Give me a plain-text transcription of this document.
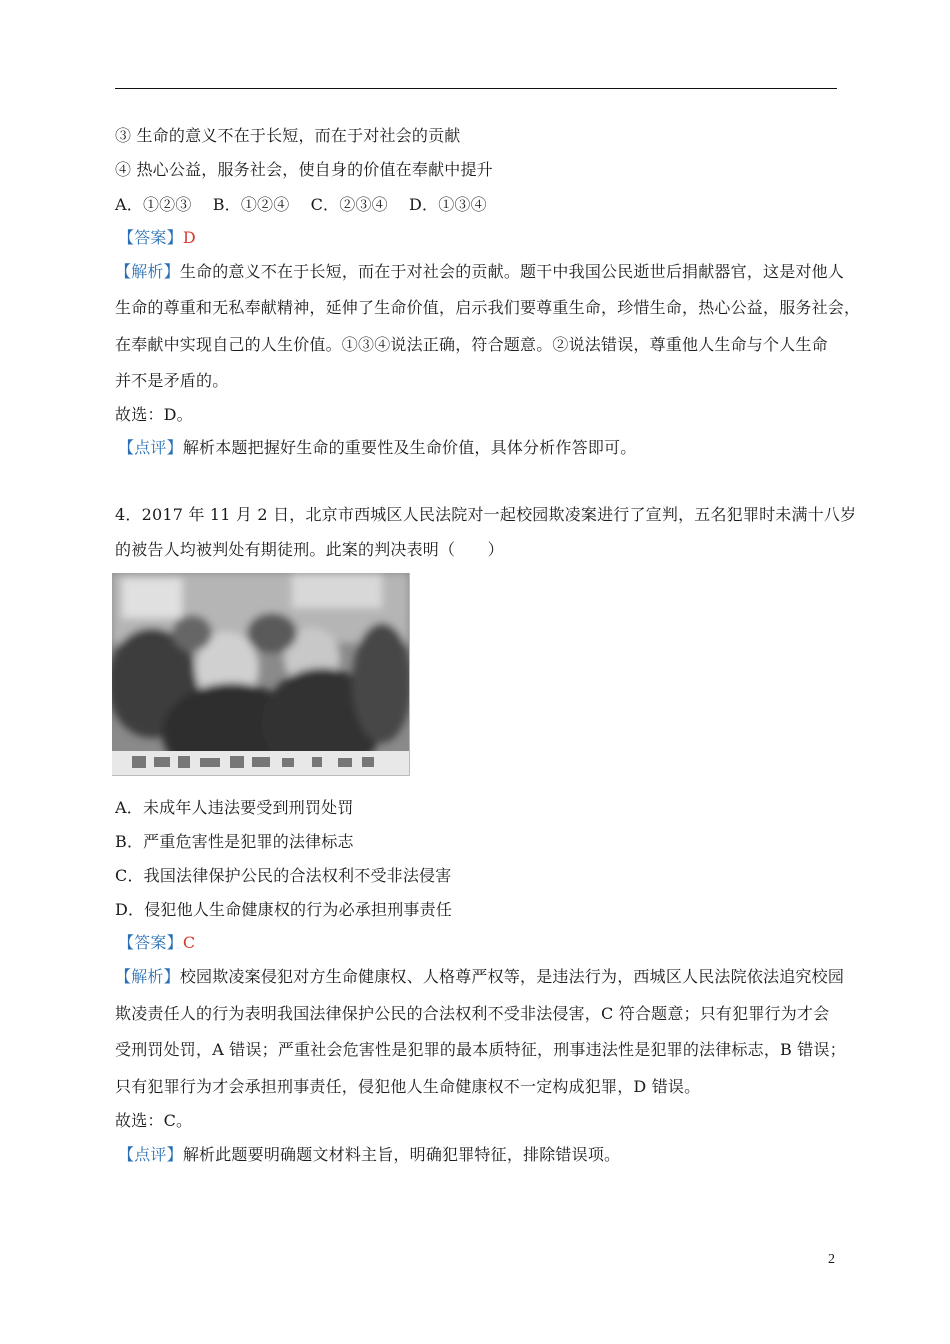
③ 生命的意义不在于长短，而在于对社会的贡献
④ 热心公益，服务社会，使自身的价值在奉献中提升
A．①②③    B．①②④    C．②③④    D．①③④
【答案】D
【解析】生命的意义不在于长短，而在于对社会的贡献。题干中我国公民逝世后捐献器官，这是对他人
生命的尊重和无私奉献精神，延伸了生命价值，启示我们要尊重生命，珍惜生命，热心公益，服务社会，
在奉献中实现自己的人生价值。①③④说法正确，符合题意。②说法错误，尊重他人生命与个人生命
并不是矛盾的。
故选：D。
【点评】解析本题把握好生命的重要性及生命价值，具体分析作答即可。
4．2017 年 11 月 2 日，北京市西城区人民法院对一起校园欺凌案进行了宣判，五名犯罪时未满十八岁
的被告人均被判处有期徒刑。此案的判决表明（　　）
A．未成年人违法要受到刑罚处罚
B．严重危害性是犯罪的法律标志
C．我国法律保护公民的合法权利不受非法侵害
D．侵犯他人生命健康权的行为必承担刑事责任
【答案】C
【解析】校园欺凌案侵犯对方生命健康权、人格尊严权等，是违法行为，西城区人民法院依法追究校园
欺凌责任人的行为表明我国法律保护公民的合法权利不受非法侵害，C 符合题意；只有犯罪行为才会
受刑罚处罚，A 错误；严重社会危害性是犯罪的最本质特征，刑事违法性是犯罪的法律标志，B 错误；
只有犯罪行为才会承担刑事责任，侵犯他人生命健康权不一定构成犯罪，D 错误。
故选：C。
【点评】解析此题要明确题文材料主旨，明确犯罪特征，排除错误项。
2
